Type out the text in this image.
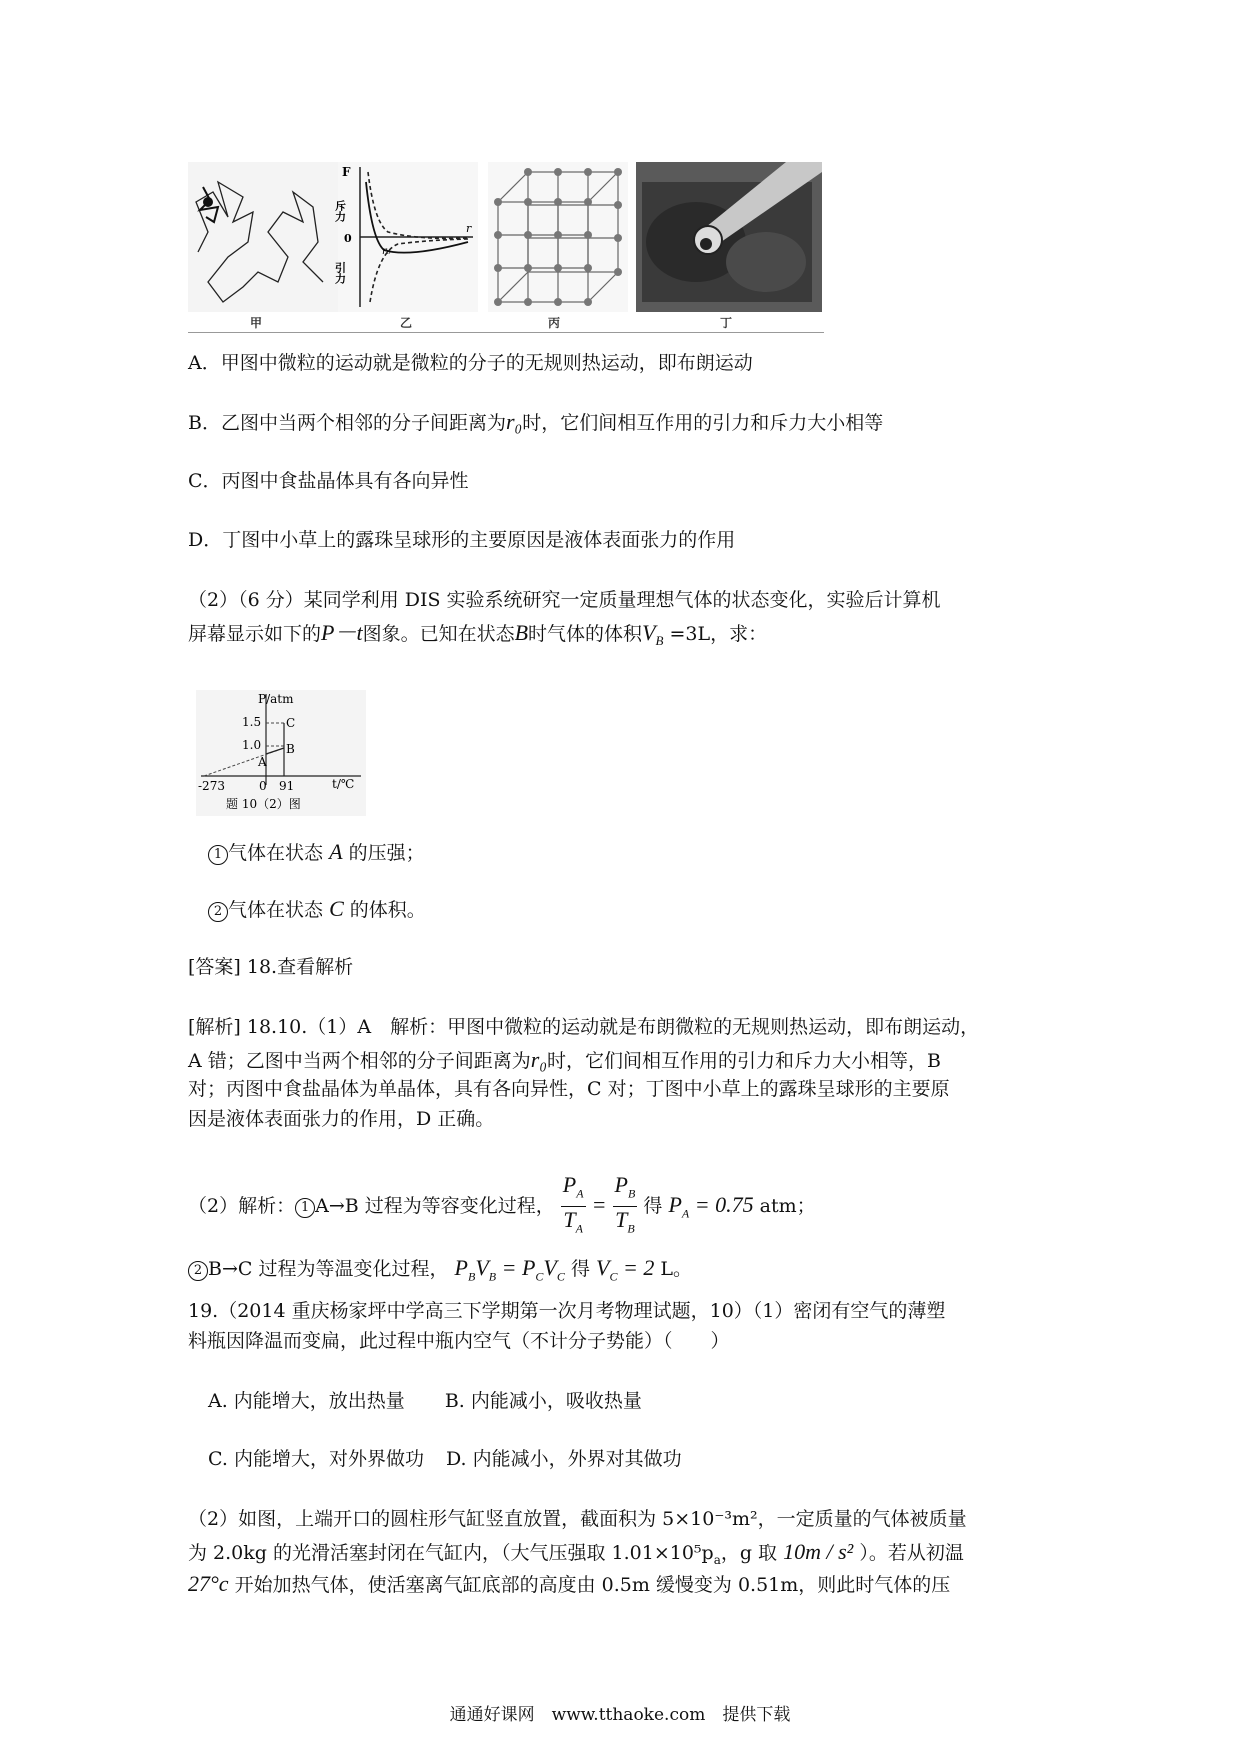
F
斥力
0
引力
r₀
r
甲	乙	丙	丁
A．甲图中微粒的运动就是微粒的分子的无规则热运动，即布朗运动
B．乙图中当两个相邻的分子间距离为r₀时，它们间相互作用的引力和斥力大小相等
C．丙图中食盐晶体具有各向异性
D．丁图中小草上的露珠呈球形的主要原因是液体表面张力的作用
（2）（6 分）某同学利用 DIS 实验系统研究一定质量理想气体的状态变化，实验后计算机
屏幕显示如下的P－t图象。已知在状态B时气体的体积$V_B =3L$，求：
P/atm
1.5
1.0
C
B
A
-273	0 91	t/℃
题 10（2）图
1 气体在状态 A 的压强；
2 气体在状态 C 的体积。
[答案] 18.查看解析
[解析] 18.10.（1）A　解析：甲图中微粒的运动就是布朗微粒的无规则热运动，即布朗运动，
A 错；乙图中当两个相邻的分子间距离为r₀时，它们间相互作用的引力和斥力大小相等，B
对；丙图中食盐晶体为单晶体，具有各向异性，C 对；丁图中小草上的露珠呈球形的主要原
因是液体表面张力的作用，D 正确。
（2）解析： 1 A→B 过程为等容变化过程， $\frac{P_A}{T_A} = \frac{P_B}{T_B}$ 得 $P_A = 0.75$ atm；
2 B→C 过程为等温变化过程， $P_BV_B = P_CV_C$ 得 $V_C = 2$ L。
19.（2014 重庆杨家坪中学高三下学期第一次月考物理试题，10）（1）密闭有空气的薄塑
料瓶因降温而变扁，此过程中瓶内空气（不计分子势能）（　　）
A. 内能增大，放出热量 B. 内能减小，吸收热量
C. 内能增大，对外界做功 D. 内能减小，外界对其做功
（2）如图，上端开口的圆柱形气缸竖直放置，截面积为 5×10⁻³m²，一定质量的气体被质量
为 2.0kg 的光滑活塞封闭在气缸内，（大气压强取 $1.01\times 10^5p_a$，g 取 10m / s² ）。若从初温
27°c 开始加热气体，使活塞离气缸底部的高度由 0.5m 缓慢变为 0.51m，则此时气体的压
通通好课网　www.tthaoke.com　提供下载
